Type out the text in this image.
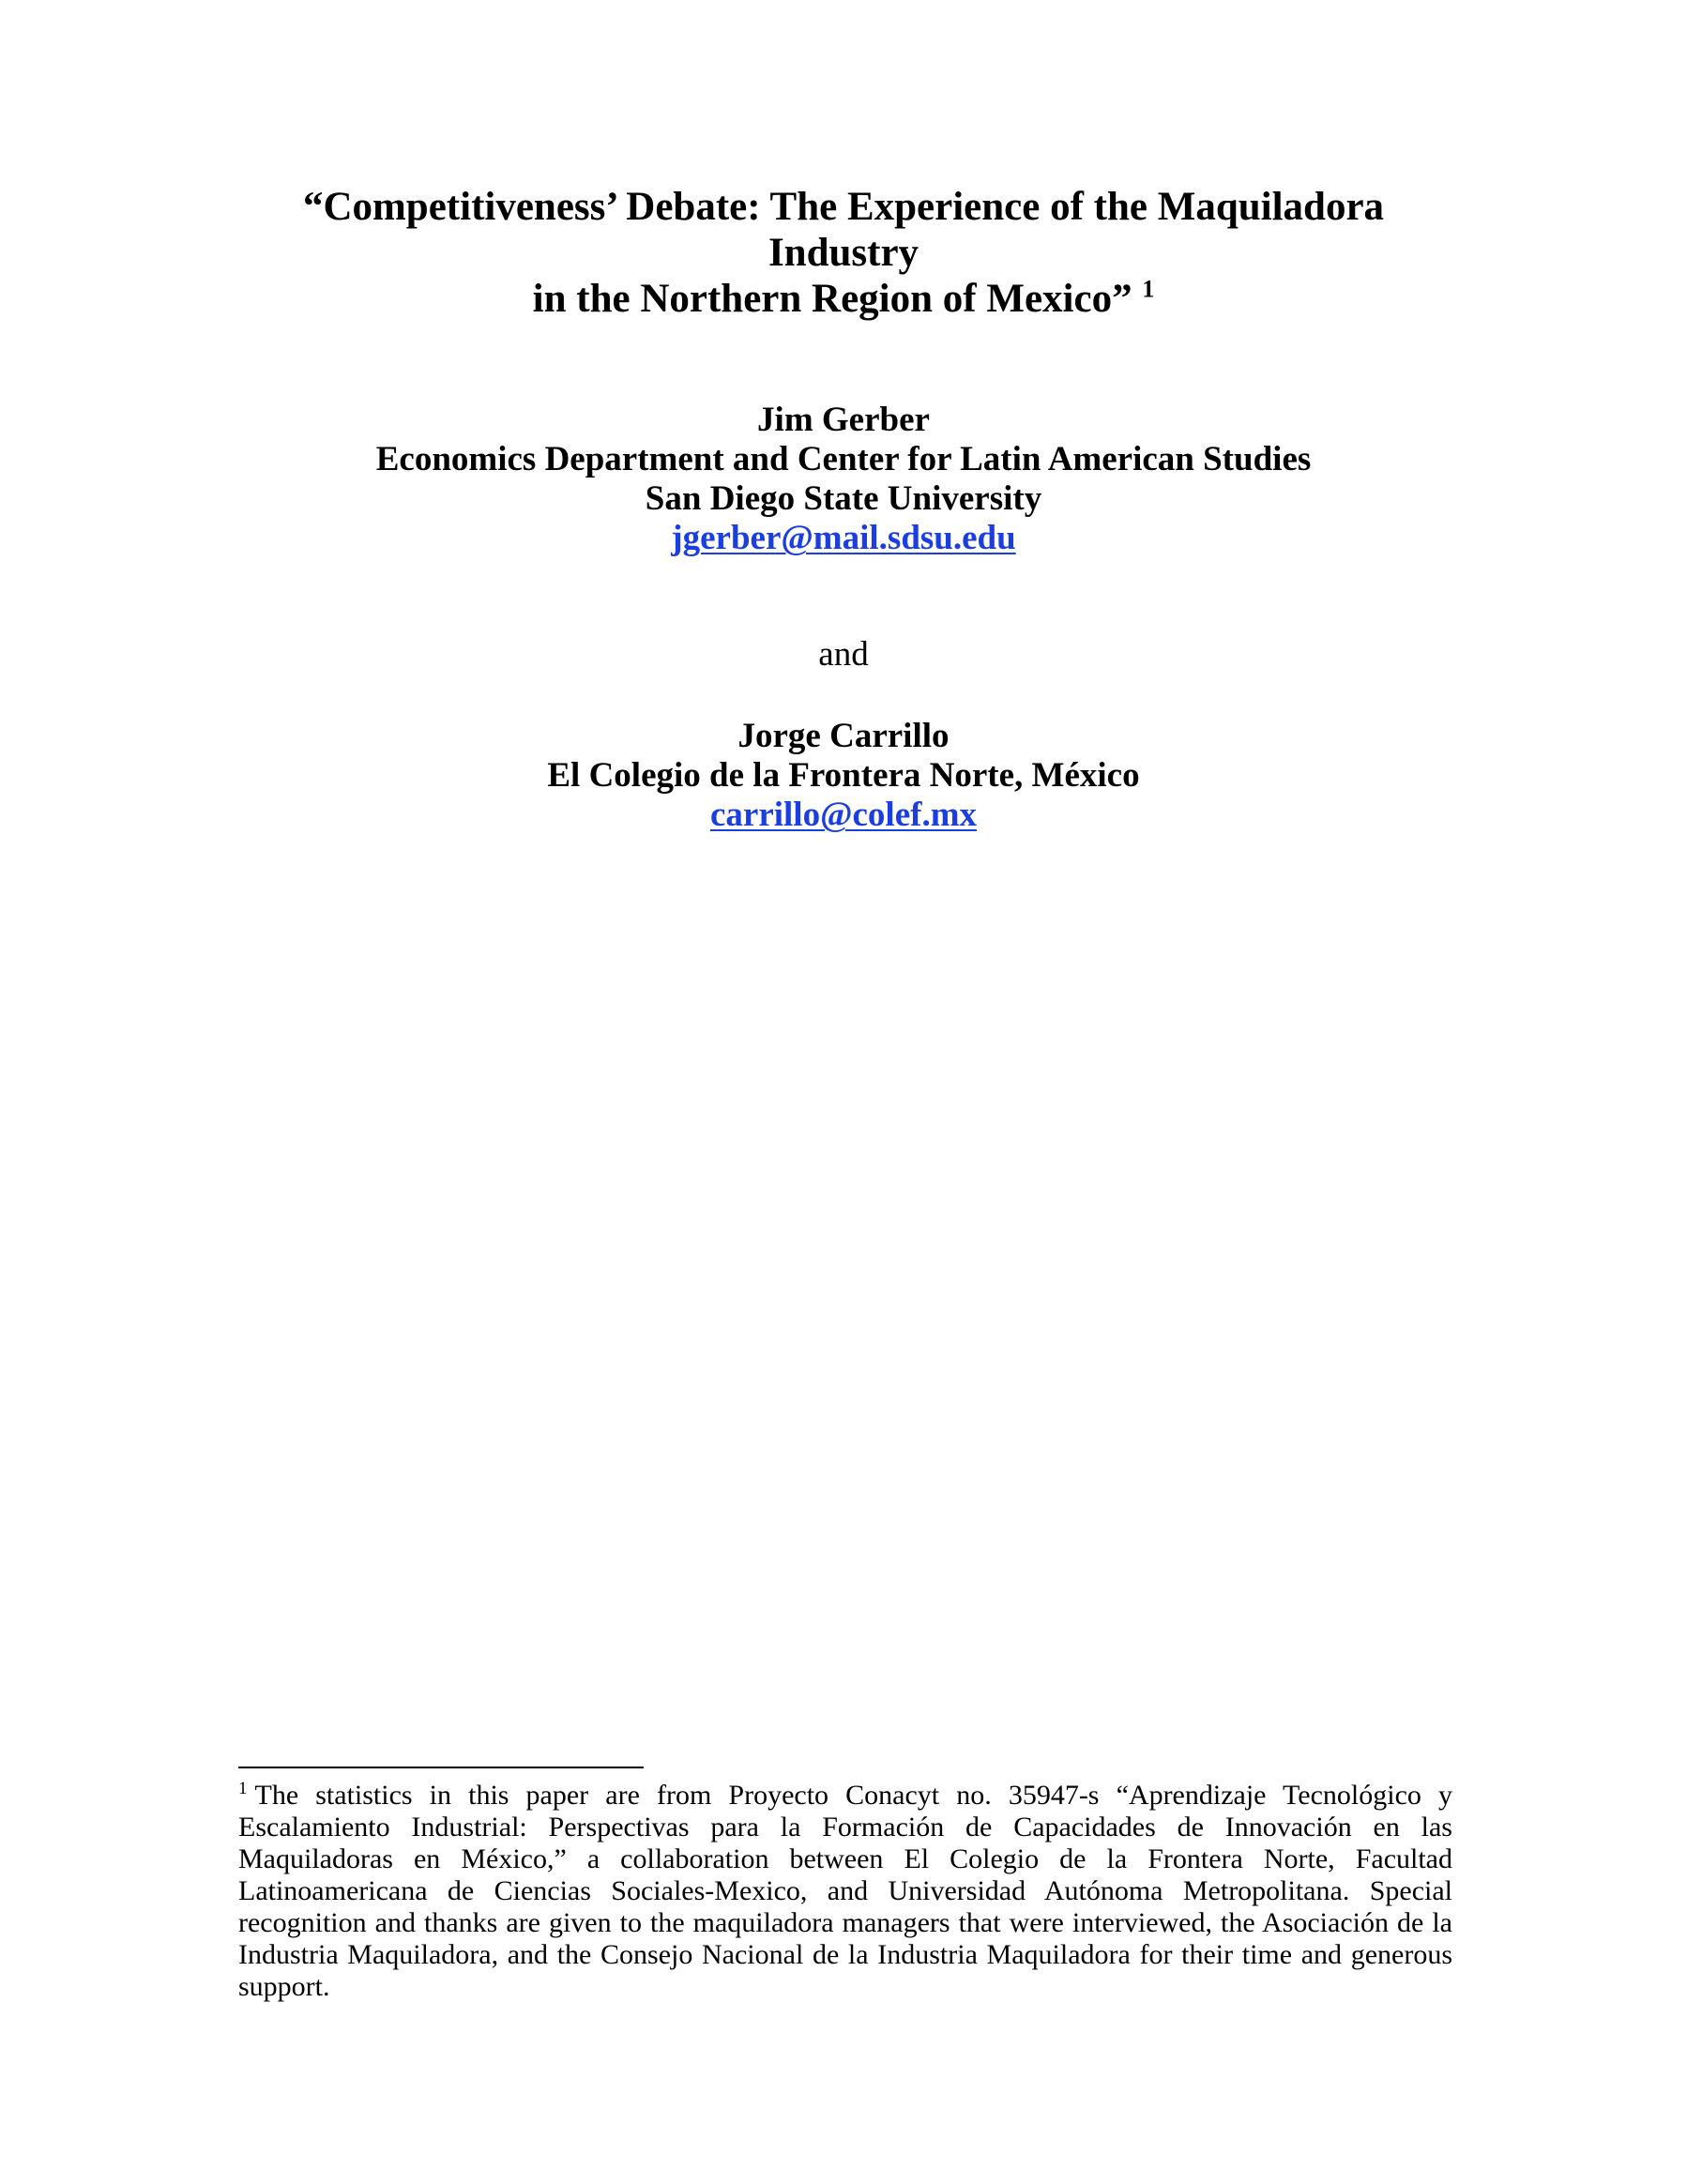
“Competitiveness’ Debate: The Experience of the Maquiladora
Industry
in the Northern Region of Mexico” $^1$
Jim Gerber
Economics Department and Center for Latin American Studies
San Diego State University
jgerber@mail.sdsu.edu
and
Jorge Carrillo
El Colegio de la Frontera Norte, México
carrillo@colef.mx
$^1$ The statistics in this paper are from Proyecto Conacyt no. 35947-s “Aprendizaje Tecnológico y Escalamiento Industrial: Perspectivas para la Formación de Capacidades de Innovación en las Maquiladoras en México,” a collaboration between El Colegio de la Frontera Norte, Facultad Latinoamericana de Ciencias Sociales-Mexico, and Universidad Autónoma Metropolitana. Special recognition and thanks are given to the maquiladora managers that were interviewed, the Asociación de la Industria Maquiladora, and the Consejo Nacional de la Industria Maquiladora for their time and generous support.
